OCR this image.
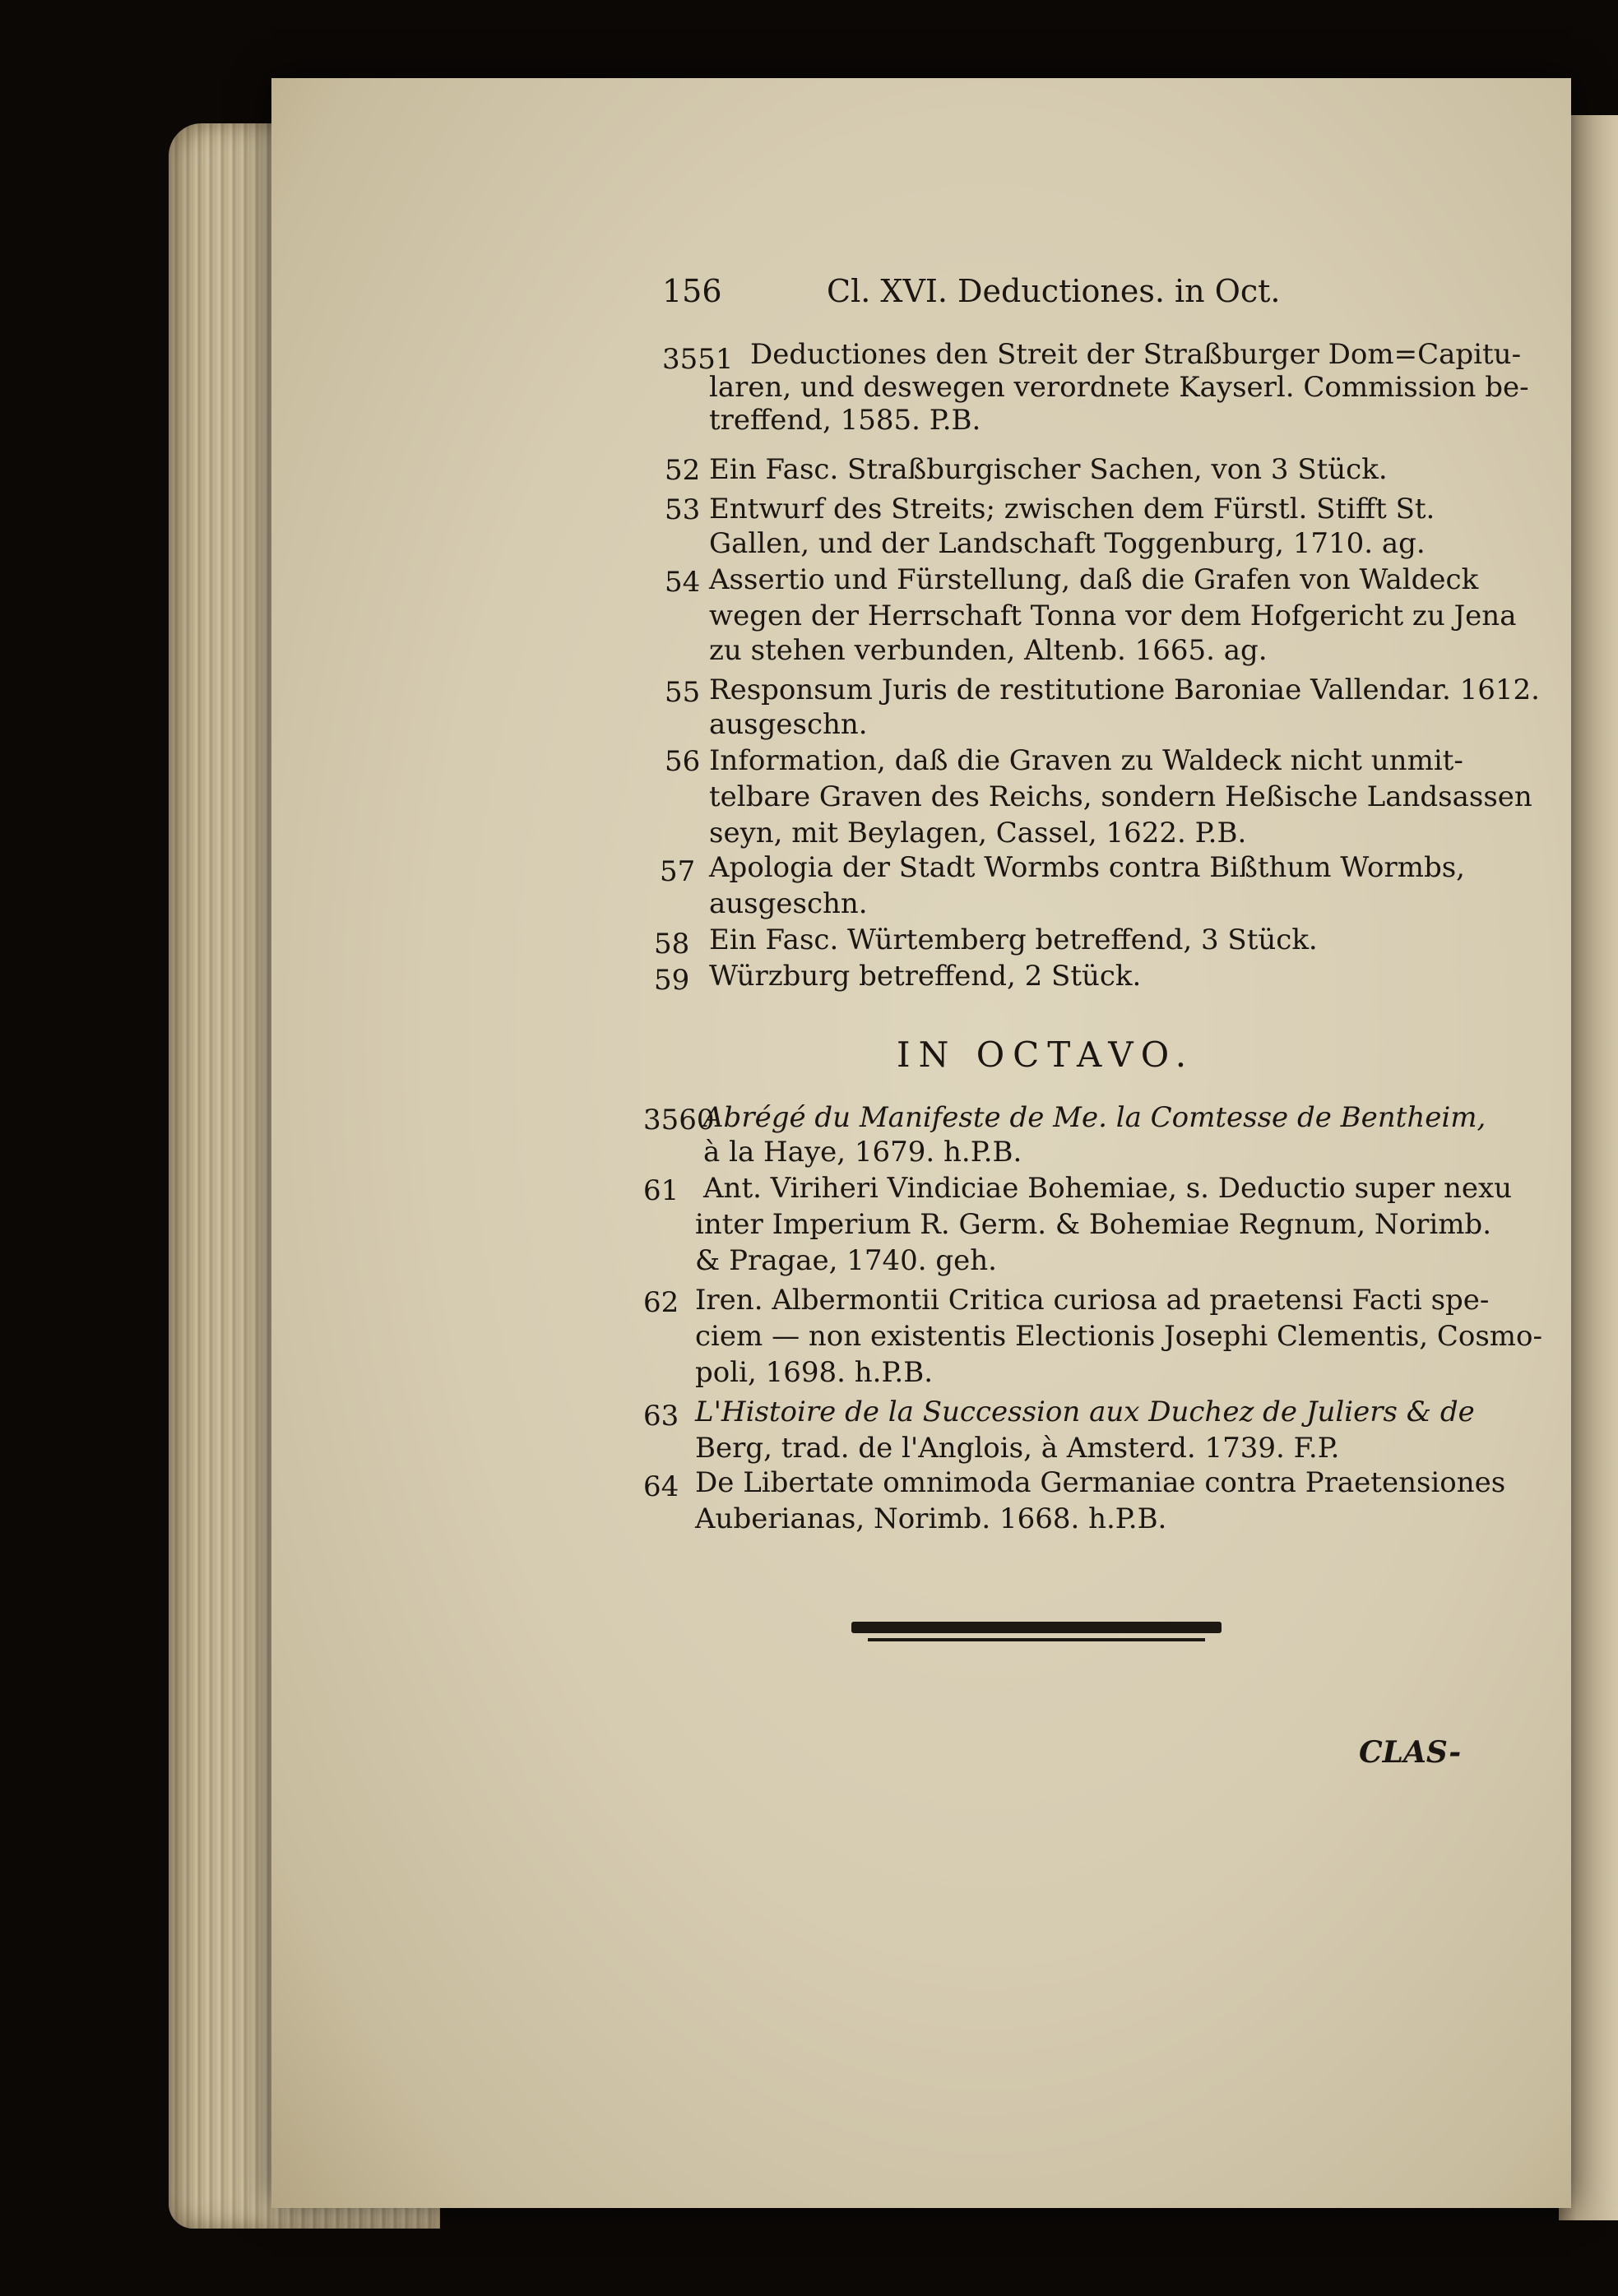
156	Cl. XVI. Deductiones. in Oct.
3551 Deductiones den Streit der Straßburger Dom=Capitu-
laren, und deswegen verordnete Kayserl. Commission be-
treffend, 1585. P.B.
52 Ein Fasc. Straßburgischer Sachen, von 3 Stück.
53 Entwurf des Streits; zwischen dem Fürstl. Stifft St.
Gallen, und der Landschaft Toggenburg, 1710. ag.
54 Assertio und Fürstellung, daß die Grafen von Waldeck
wegen der Herrschaft Tonna vor dem Hofgericht zu Jena
zu stehen verbunden, Altenb. 1665. ag.
55 Responsum Juris de restitutione Baroniae Vallendar. 1612.
ausgeschn.
56 Information, daß die Graven zu Waldeck nicht unmit-
telbare Graven des Reichs, sondern Heßische Landsassen
seyn, mit Beylagen, Cassel, 1622. P.B.
57 Apologia der Stadt Wormbs contra Bißthum Wormbs,
ausgeschn.
58 Ein Fasc. Würtemberg betreffend, 3 Stück.
59 Würzburg betreffend, 2 Stück.
IN OCTAVO.
3560
Abrégé du Manifeste de Me. la Comtesse de Bentheim,
à la Haye, 1679. h.P.B.
61 Ant. Viriheri Vindiciae Bohemiae, s. Deductio super nexu
inter Imperium R. Germ. & Bohemiae Regnum, Norimb.
& Pragae, 1740. geh.
62 Iren. Albermontii Critica curiosa ad praetensi Facti spe-
ciem — non existentis Electionis Josephi Clementis, Cosmo-
poli, 1698. h.P.B.
63 L'Histoire de la Succession aux Duchez de Juliers & de
Berg, trad. de l'Anglois, à Amsterd. 1739. F.P.
64 De Libertate omnimoda Germaniae contra Praetensiones
Auberianas, Norimb. 1668. h.P.B.
CLAS-
